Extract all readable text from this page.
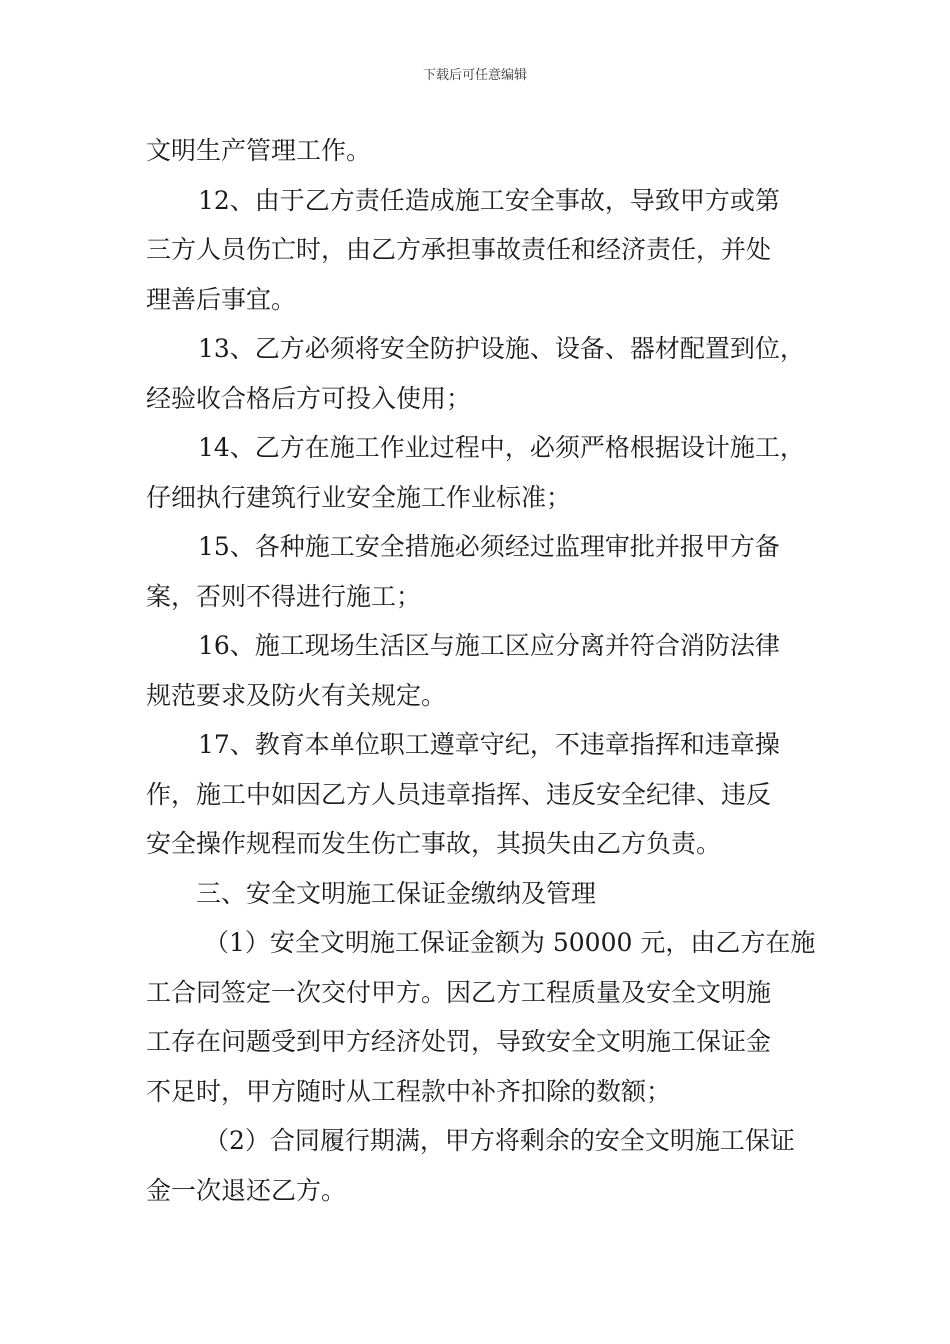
下载后可任意编辑
文明生产管理工作。
12、由于乙方责任造成施工安全事故，导致甲方或第
三方人员伤亡时，由乙方承担事故责任和经济责任，并处
理善后事宜。
13、乙方必须将安全防护设施、设备、器材配置到位，
经验收合格后方可投入使用；
14、乙方在施工作业过程中，必须严格根据设计施工，
仔细执行建筑行业安全施工作业标准；
15、各种施工安全措施必须经过监理审批并报甲方备
案，否则不得进行施工；
16、施工现场生活区与施工区应分离并符合消防法律
规范要求及防火有关规定。
17、教育本单位职工遵章守纪，不违章指挥和违章操
作，施工中如因乙方人员违章指挥、违反安全纪律、违反
安全操作规程而发生伤亡事故，其损失由乙方负责。
三、安全文明施工保证金缴纳及管理
（1）安全文明施工保证金额为 50000 元，由乙方在施
工合同签定一次交付甲方。因乙方工程质量及安全文明施
工存在问题受到甲方经济处罚，导致安全文明施工保证金
不足时，甲方随时从工程款中补齐扣除的数额；
（2）合同履行期满，甲方将剩余的安全文明施工保证
金一次退还乙方。
